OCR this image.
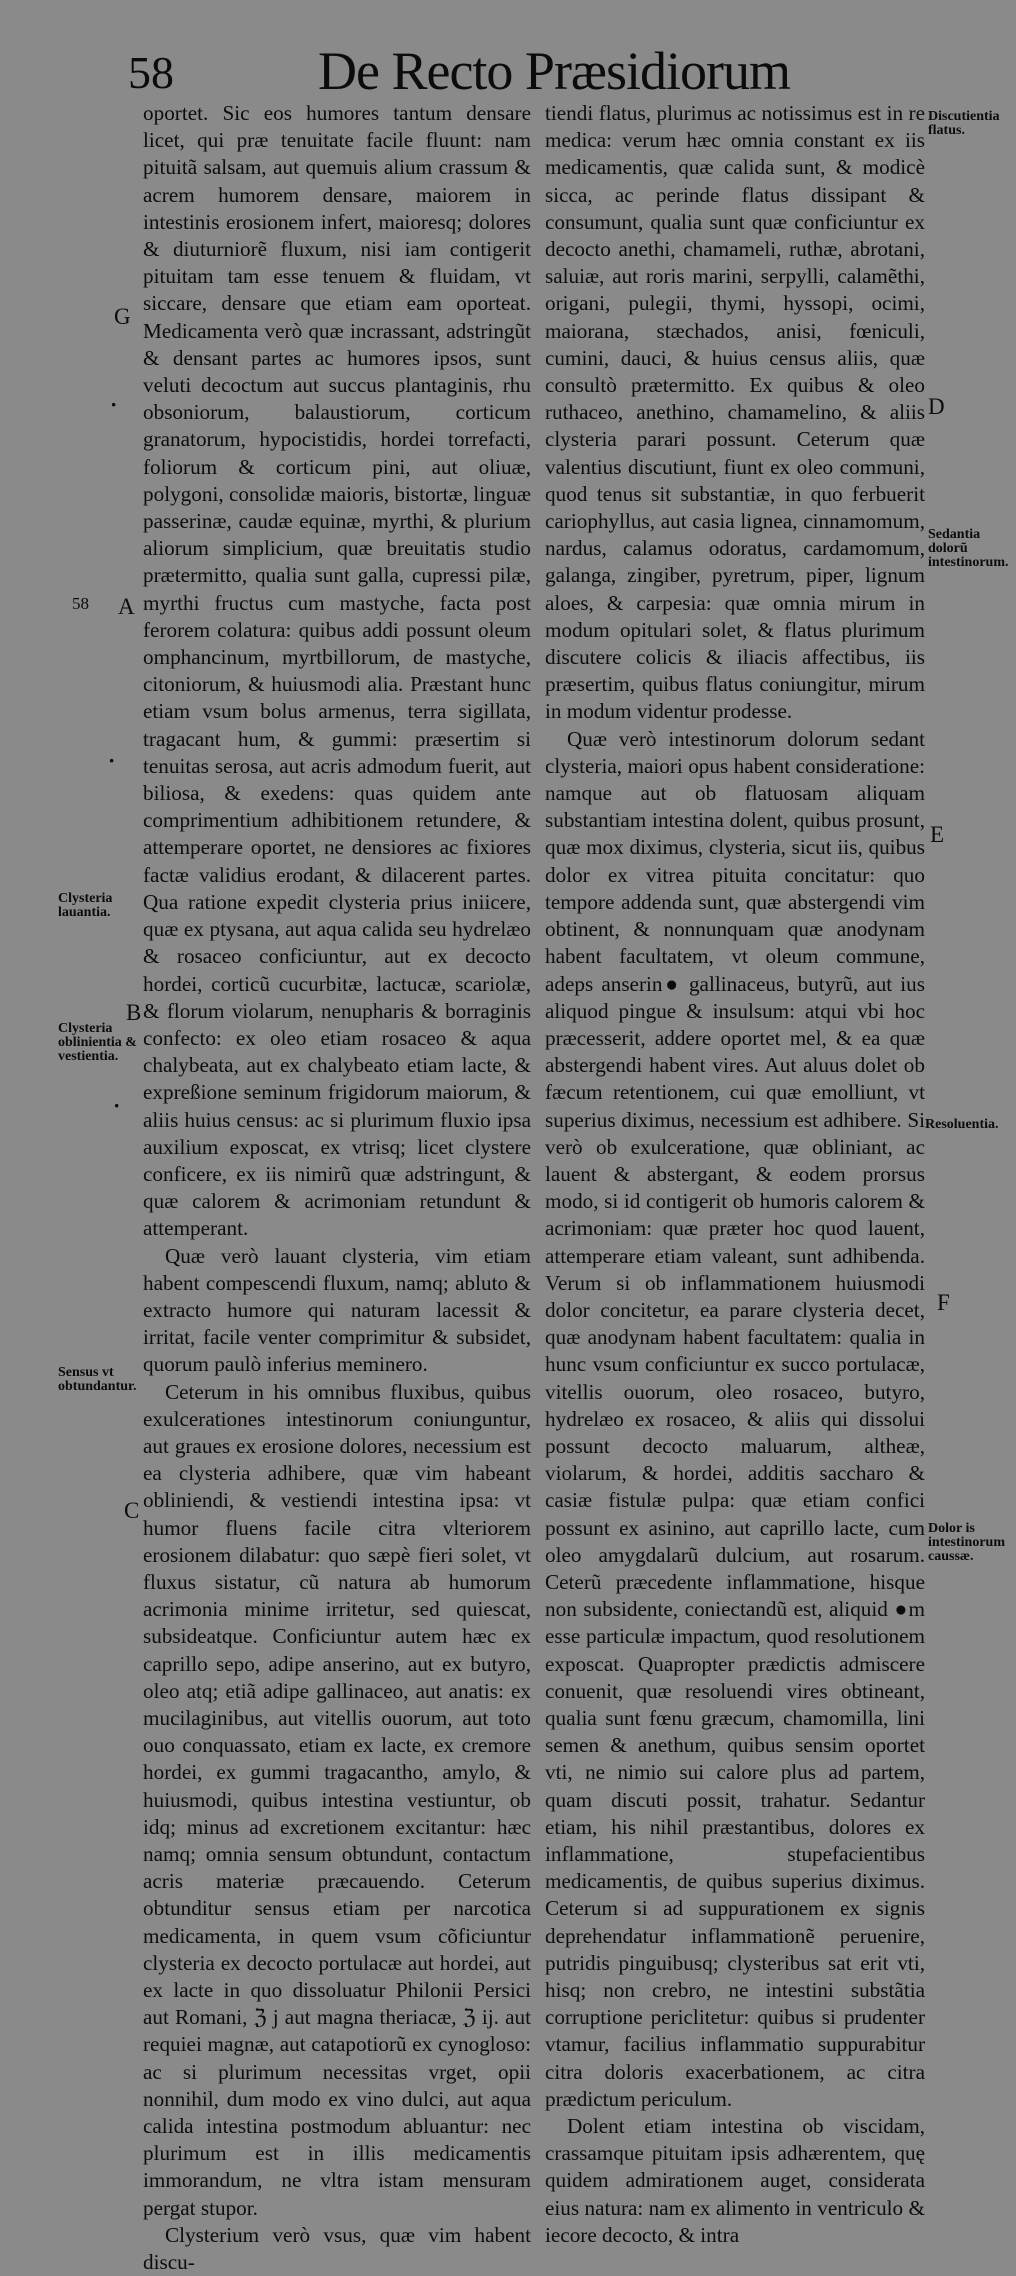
58	De Recto Præsidiorum

oportet. Sic eos humores tantum densare licet, qui præ tenuitate facile fluunt: nam pituitã salsam, aut quemuis alium crassum & acrem humorem densare, maiorem in intestinis erosionem infert, maioresq; dolores & diuturniorẽ fluxum, nisi iam contigerit pituitam tam esse tenuem & fluidam, vt siccare, densare que etiam eam oporteat. Medicamenta verò quæ incrassant, adstringũt & densant partes ac humores ipsos, sunt veluti decoctum aut succus plantaginis, rhu obsoniorum, balaustiorum, corticum granatorum, hypocistidis, hordei torrefacti, foliorum & corticum pini, aut oliuæ, polygoni, consolidæ maioris, bistortæ, linguæ passerinæ, caudæ equinæ, myrthi, & plurium aliorum simplicium, quæ breuitatis studio prætermitto, qualia sunt galla, cupressi pilæ, myrthi fructus cum mastyche, facta post ferorem colatura: quibus addi possunt oleum omphancinum, myrtbillorum, de mastyche, citoniorum, & huiusmodi alia. Præstant hunc etiam vsum bolus armenus, terra sigillata, tragacant hum, & gummi: præsertim si tenuitas serosa, aut acris admodum fuerit, aut biliosa, & exedens: quas quidem ante comprimentium adhibitionem retundere, & attemperare oportet, ne densiores ac fixiores factæ validius erodant, & dilacerent partes. Qua ratione expedit clysteria prius iniicere, quæ ex ptysana, aut aqua calida seu hydrelæo & rosaceo conficiuntur, aut ex decocto hordei, corticũ cucurbitæ, lactucæ, scariolæ, & florum violarum, nenupharis & borraginis confecto: ex oleo etiam rosaceo & aqua chalybeata, aut ex chalybeato etiam lacte, & expreßione seminum frigidorum maiorum, & aliis huius census: ac si plurimum fluxio ipsa auxilium exposcat, ex vtrisq; licet clystere conficere, ex iis nimirũ quæ adstringunt, & quæ calorem & acrimoniam retundunt & attemperant.

Quæ verò lauant clysteria, vim etiam habent compescendi fluxum, namq; abluto & extracto humore qui naturam lacessit & irritat, facile venter comprimitur & subsidet, quorum paulò inferius meminero.

Ceterum in his omnibus fluxibus, quibus exulcerationes intestinorum coniunguntur, aut graues ex erosione dolores, necessium est ea clysteria adhibere, quæ vim habeant obliniendi, & vestiendi intestina ipsa: vt humor fluens facile citra vlteriorem erosionem dilabatur: quo sæpè fieri solet, vt fluxus sistatur, cũ natura ab humorum acrimonia minime irritetur, sed quiescat, subsideatque. Conficiuntur autem hæc ex caprillo sepo, adipe anserino, aut ex butyro, oleo atq; etiã adipe gallinaceo, aut anatis: ex mucilaginibus, aut vitellis ouorum, aut toto ouo conquassato, etiam ex lacte, ex cremore hordei, ex gummi tragacantho, amylo, & huiusmodi, quibus intestina vestiuntur, ob idq; minus ad excretionem excitantur: hæc namq; omnia sensum obtundunt, contactum acris materiæ præcauendo. Ceterum obtunditur sensus etiam per narcotica medicamenta, in quem vsum cõficiuntur clysteria ex decocto portulacæ aut hordei, aut ex lacte in quo dissoluatur Philonii Persici aut Romani, ℨ j aut magna theriacæ, ℨ ij. aut requiei magnæ, aut catapotiorũ ex cynogloso: ac si plurimum necessitas vrget, opii nonnihil, dum modo ex vino dulci, aut aqua calida intestina postmodum abluantur: nec plurimum est in illis medicamentis immorandum, ne vltra istam mensuram pergat stupor.

Clysterium verò vsus, quæ vim habent discu-

tiendi flatus, plurimus ac notissimus est in re medica: verum hæc omnia constant ex iis medicamentis, quæ calida sunt, & modicè sicca, ac perinde flatus dissipant & consumunt, qualia sunt quæ conficiuntur ex decocto anethi, chamameli, ruthæ, abrotani, saluiæ, aut roris marini, serpylli, calamẽthi, origani, pulegii, thymi, hyssopi, ocimi, maiorana, stæchados, anisi, fœniculi, cumini, dauci, & huius census aliis, quæ consultò prætermitto. Ex quibus & oleo ruthaceo, anethino, chamamelino, & aliis clysteria parari possunt. Ceterum quæ valentius discutiunt, fiunt ex oleo communi, quod tenus sit substantiæ, in quo ferbuerit cariophyllus, aut casia lignea, cinnamomum, nardus, calamus odoratus, cardamomum, galanga, zingiber, pyretrum, piper, lignum aloes, & carpesia: quæ omnia mirum in modum opitulari solet, & flatus plurimum discutere colicis & iliacis affectibus, iis præsertim, quibus flatus coniungitur, mirum in modum videntur prodesse.

Quæ verò intestinorum dolorum sedant clysteria, maiori opus habent consideratione: namque aut ob flatuosam aliquam substantiam intestina dolent, quibus prosunt, quæ mox diximus, clysteria, sicut iis, quibus dolor ex vitrea pituita concitatur: quo tempore addenda sunt, quæ abstergendi vim obtinent, & nonnunquam quæ anodynam habent facultatem, vt oleum commune, adeps anserin● gallinaceus, butyrũ, aut ius aliquod pingue & insulsum: atqui vbi hoc præcesserit, addere oportet mel, & ea quæ abstergendi habent vires. Aut aluus dolet ob fæcum retentionem, cui quæ emolliunt, vt superius diximus, necessium est adhibere. Si verò ob exulceratione, quæ obliniant, ac lauent & abstergant, & eodem prorsus modo, si id contigerit ob humoris calorem & acrimoniam: quæ præter hoc quod lauent, attemperare etiam valeant, sunt adhibenda. Verum si ob inflammationem huiusmodi dolor concitetur, ea parare clysteria decet, quæ anodynam habent facultatem: qualia in hunc vsum conficiuntur ex succo portulacæ, vitellis ouorum, oleo rosaceo, butyro, hydrelæo ex rosaceo, & aliis qui dissolui possunt decocto maluarum, altheæ, violarum, & hordei, additis saccharo & casiæ fistulæ pulpa: quæ etiam confici possunt ex asinino, aut caprillo lacte, cum oleo amygdalarũ dulcium, aut rosarum. Ceterũ præcedente inflammatione, hisque non subsidente, coniectandũ est, aliquid ●m esse particulæ impactum, quod resolutionem exposcat. Quapropter prædictis admiscere conuenit, quæ resoluendi vires obtineant, qualia sunt fœnu græcum, chamomilla, lini semen & anethum, quibus sensim oportet vti, ne nimio sui calore plus ad partem, quam discuti possit, trahatur. Sedantur etiam, his nihil præstantibus, dolores ex inflammatione, stupefacientibus medicamentis, de quibus superius diximus. Ceterum si ad suppurationem ex signis deprehendatur inflammationẽ peruenire, putridis pinguibusq; clysteribus sat erit vti, hisq; non crebro, ne intestini substãtia corruptione periclitetur: quibus si prudenter vtamur, facilius inflammatio suppurabitur citra doloris exacerbationem, ac citra prædictum periculum.

Dolent etiam intestina ob viscidam, crassamque pituitam ipsis adhærentem, quę quidem admirationem auget, considerata eius natura: nam ex alimento in ventriculo & iecore decocto, & intra

Discutientia flatus.
Sedantia dolorũ intestinorum.
Clysteria lauantia.
Clysteria oblinientia & vestientia.
Resoluentia.
Sensus vt obtundantur.
Dolor is intestinorum caussæ.
G
D
A
E
B
F
C
58
·
·
·
